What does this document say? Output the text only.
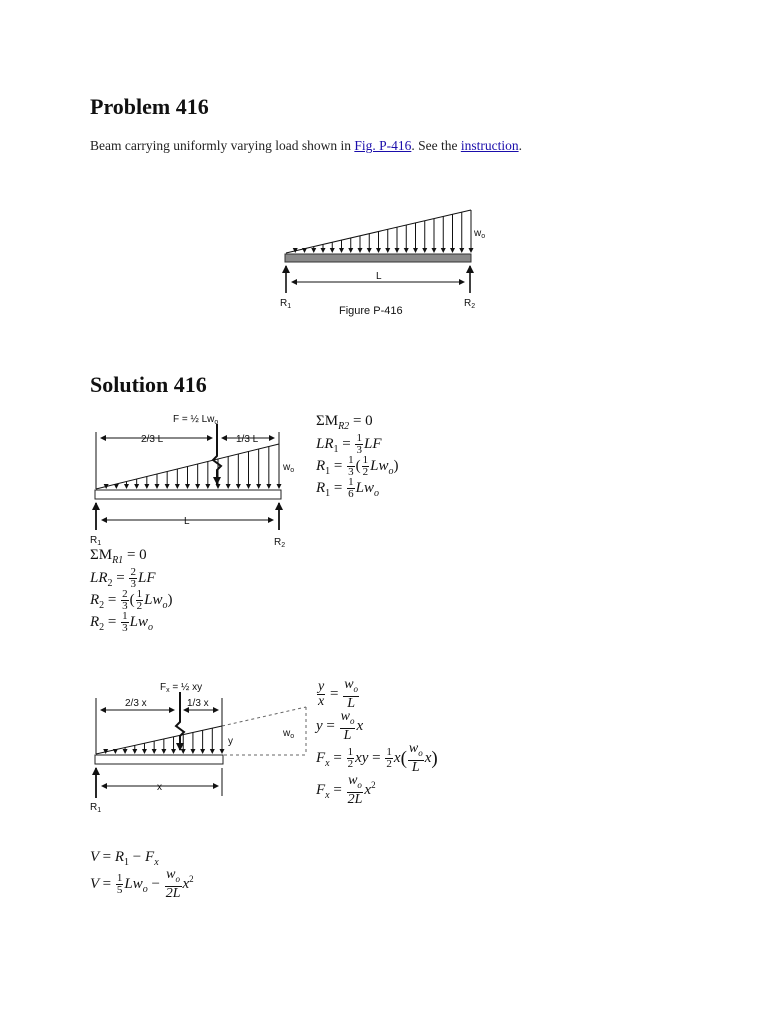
Problem 416
Beam carrying uniformly varying load shown in Fig. P-416. See the instruction.
L
$w_o$
$R_1$	$R_2$
Figure P-416
Solution 416
F = ½ $Lw_o$
2/3 L	1/3 L
$w_o$
L
$R_1$	$R_2$
$\Sigma M_{R2} = 0$
$LR_1 = \frac{1}{3}$ LF
$R_1 = \frac{1}{3}$ ( $\frac{1}{2} Lw_o$)
$R_1 = \frac{1}{6} Lw_o$
$\Sigma M_{R1} = 0$
$LR_2 = \frac{2}{3}$ LF
$R_2 = \frac{2}{3}$ ( $\frac{1}{2} Lw_o$)
$R_2 = \frac{1}{3} Lw_o$
$F_x$ = ½ xy
2/3 x	1/3 x
y
$w_o$
x
$R_1$
$\frac{y}{x} = \frac{w_o}{L}$
$y = \frac{w_o}{L}$ x
$F_x = \frac{1}{2}$ xy = $\frac{1}{2} x( \frac{w_o}{L} x)$
$F_x = \frac{w_o}{2L} x^2$
$V = R_1 - F_x$
$V = \frac{1}{5} Lw_o - \frac{w_o}{2L} x^2$
